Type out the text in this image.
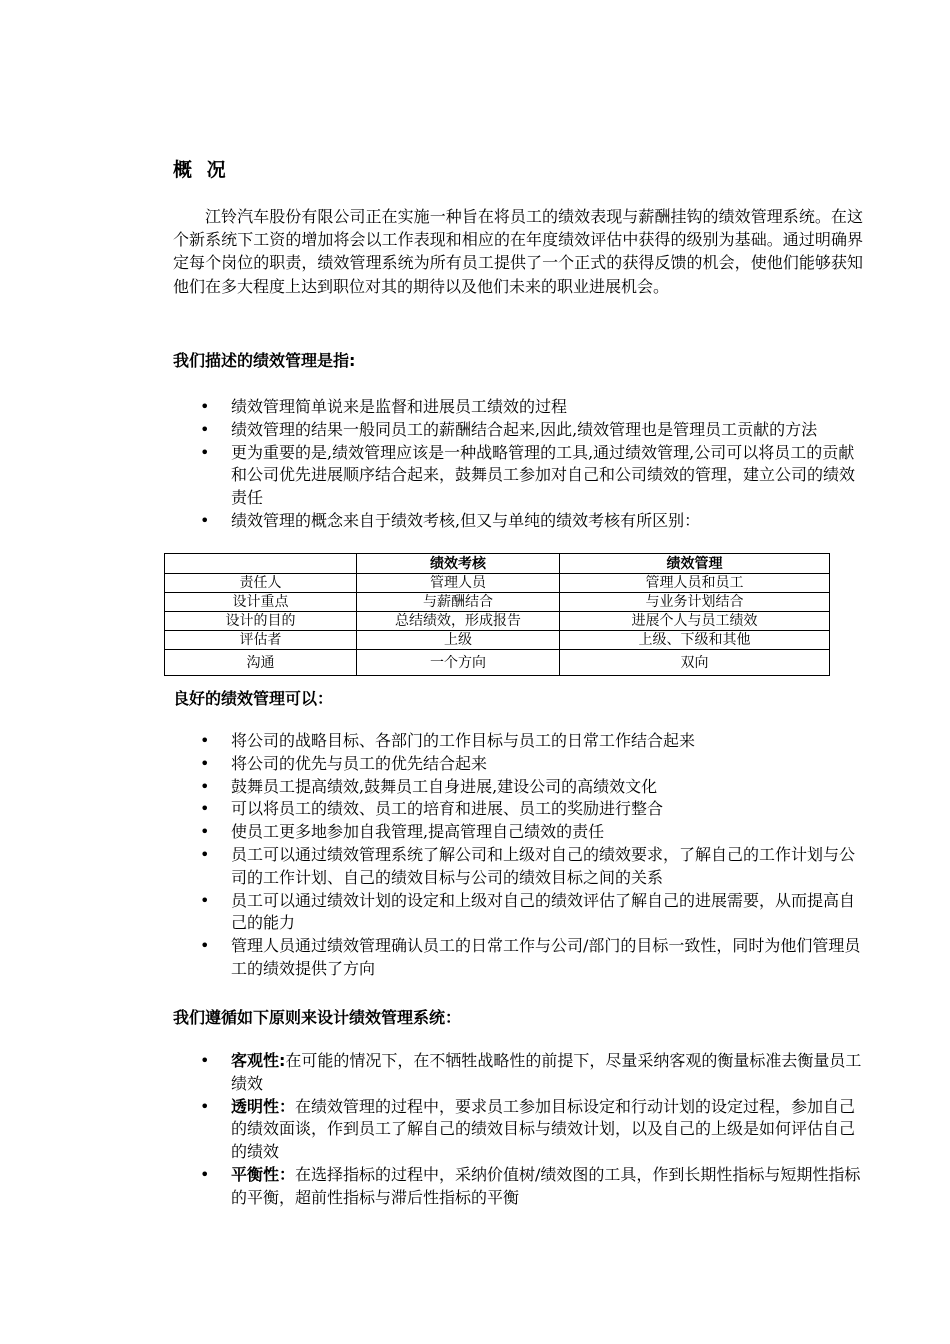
概 况

江铃汽车股份有限公司正在实施一种旨在将员工的绩效表现与薪酬挂钩的绩效管理系统。在这个新系统下工资的增加将会以工作表现和相应的在年度绩效评估中获得的级别为基础。通过明确界定每个岗位的职责，绩效管理系统为所有员工提供了一个正式的获得反馈的机会，使他们能够获知他们在多大程度上达到职位对其的期待以及他们未来的职业进展机会。

我们描述的绩效管理是指:

• 绩效管理简单说来是监督和进展员工绩效的过程
• 绩效管理的结果一般同员工的薪酬结合起来,因此,绩效管理也是管理员工贡献的方法
• 更为重要的是,绩效管理应该是一种战略管理的工具,通过绩效管理,公司可以将员工的贡献和公司优先进展顺序结合起来，鼓舞员工参加对自己和公司绩效的管理，建立公司的绩效责任
• 绩效管理的概念来自于绩效考核,但又与单纯的绩效考核有所区别：
	绩效考核	绩效管理
责任人	管理人员	管理人员和员工
设计重点	与薪酬结合	与业务计划结合
设计的目的	总结绩效，形成报告	进展个人与员工绩效
评估者	上级	上级、下级和其他
沟通	一个方向	双向

良好的绩效管理可以：

• 将公司的战略目标、各部门的工作目标与员工的日常工作结合起来
• 将公司的优先与员工的优先结合起来
• 鼓舞员工提高绩效,鼓舞员工自身进展,建设公司的高绩效文化
• 可以将员工的绩效、员工的培育和进展、员工的奖励进行整合
• 使员工更多地参加自我管理,提高管理自己绩效的责任
• 员工可以通过绩效管理系统了解公司和上级对自己的绩效要求，了解自己的工作计划与公司的工作计划、自己的绩效目标与公司的绩效目标之间的关系
• 员工可以通过绩效计划的设定和上级对自己的绩效评估了解自己的进展需要，从而提高自己的能力
• 管理人员通过绩效管理确认员工的日常工作与公司/部门的目标一致性，同时为他们管理员工的绩效提供了方向

我们遵循如下原则来设计绩效管理系统：

• 客观性:在可能的情况下，在不牺牲战略性的前提下，尽量采纳客观的衡量标准去衡量员工绩效
• 透明性：在绩效管理的过程中，要求员工参加目标设定和行动计划的设定过程，参加自己的绩效面谈，作到员工了解自己的绩效目标与绩效计划，以及自己的上级是如何评估自己的绩效
• 平衡性：在选择指标的过程中，采纳价值树/绩效图的工具，作到长期性指标与短期性指标的平衡，超前性指标与滞后性指标的平衡
